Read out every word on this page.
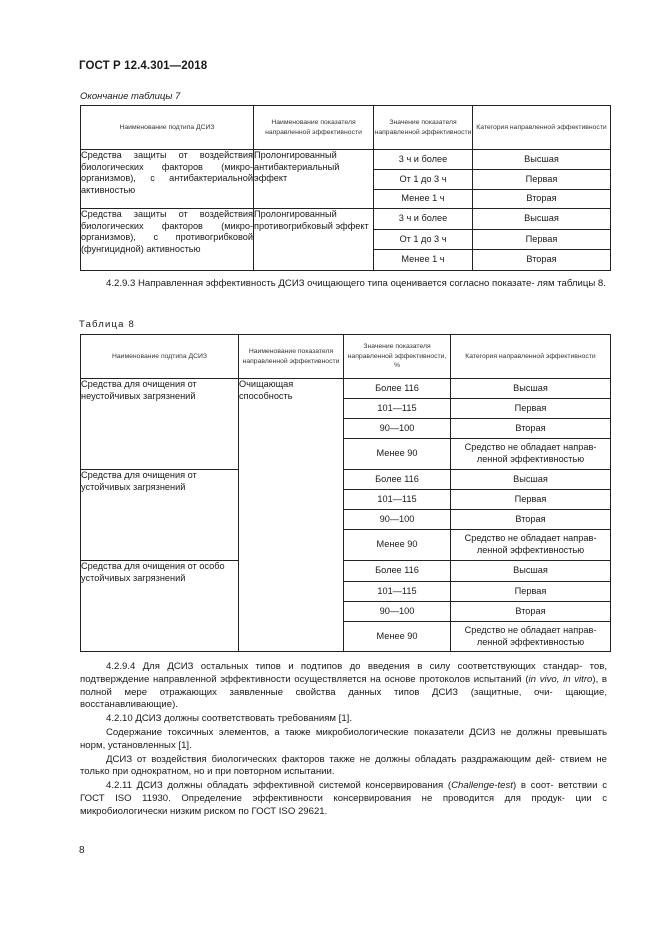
ГОСТ Р 12.4.301—2018
Окончание таблицы 7
Наименование подтипа ДСИЗ	Наименование показателя направленной эффективности	Значение показателя направленной эффективности	Категория направленной эффективности
Средства защиты от воздействия биологических факторов (микро- организмов), с антибактериальной активностью	Пролонгированный антибактериальный эффект	3 ч и более	Высшая
		От 1 до 3 ч	Первая
		Менее 1 ч	Вторая
Средства защиты от воздействия биологических факторов (микро- организмов), с противогрибковой (фунгицидной) активностью	Пролонгированный противогрибковый эффект	3 ч и более	Высшая
		От 1 до 3 ч	Первая
		Менее 1 ч	Вторая

4.2.9.3 Направленная эффективность ДСИЗ очищающего типа оценивается согласно показате- лям таблицы 8.

Таблица 8
Наименование подтипа ДСИЗ	Наименование показателя направленной эффективности	Значение показателя направленной эффективности, %	Категория направленной эффективности
Средства для очищения от неустойчивых загрязнений	Очищающая способность	Более 116	Высшая
		101—115	Первая
		90—100	Вторая
		Менее 90	Средство не обладает направ- ленной эффективностью
Средства для очищения от устойчивых загрязнений		Более 116	Высшая
		101—115	Первая
		90—100	Вторая
		Менее 90	Средство не обладает направ- ленной эффективностью
Средства для очищения от особо устойчивых загрязнений		Более 116	Высшая
		101—115	Первая
		90—100	Вторая
		Менее 90	Средство не обладает направ- ленной эффективностью

4.2.9.4 Для ДСИЗ остальных типов и подтипов до введения в силу соответствующих стандар- тов, подтверждение направленной эффективности осуществляется на основе протоколов испытаний (in vivo, in vitro), в полной мере отражающих заявленные свойства данных типов ДСИЗ (защитные, очи- щающие, восстанавливающие).

4.2.10 ДСИЗ должны соответствовать требованиям [1].

Содержание токсичных элементов, а также микробиологические показатели ДСИЗ не должны превышать норм, установленных [1].

ДСИЗ от воздействия биологических факторов также не должны обладать раздражающим дей- ствием не только при однократном, но и при повторном испытании.

4.2.11 ДСИЗ должны обладать эффективной системой консервирования (Challenge-test) в соот- ветствии с ГОСТ ISO 11930. Определение эффективности консервирования не проводится для продук- ции с микробиологически низким риском по ГОСТ ISO 29621.

8
